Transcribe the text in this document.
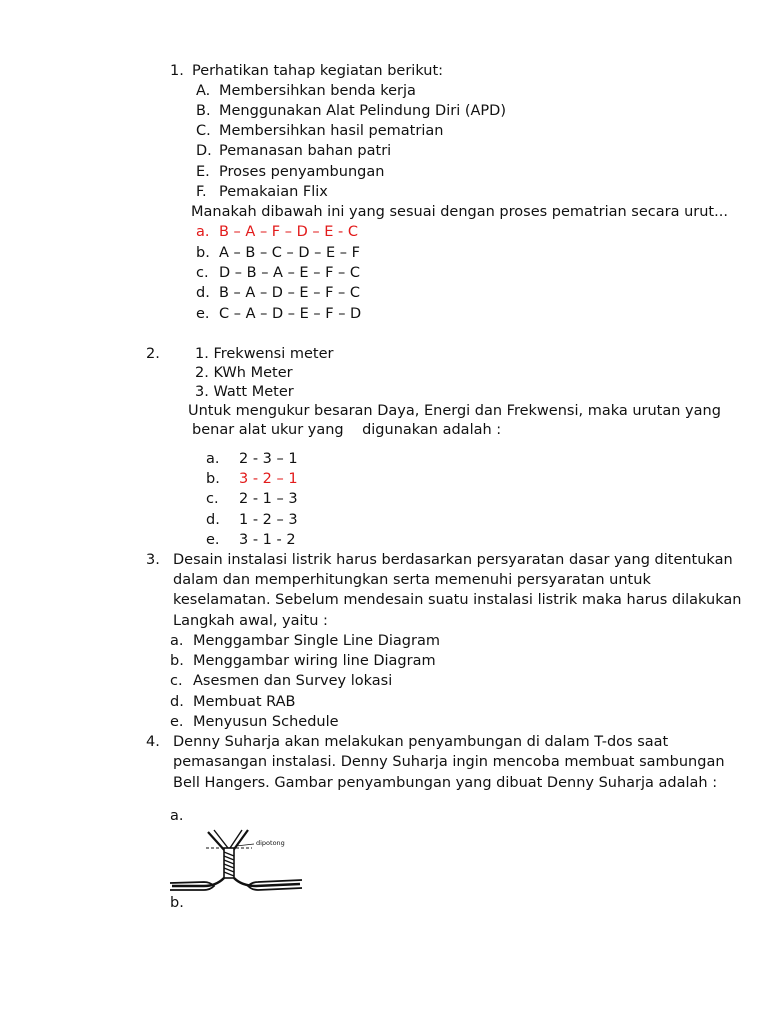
1. Perhatikan tahap kegiatan berikut:
A. Membersihkan benda kerja
B. Menggunakan Alat Pelindung Diri (APD)
C. Membersihkan hasil pematrian
D. Pemanasan bahan patri
E. Proses penyambungan
F. Pemakaian Flix
Manakah dibawah ini yang sesuai dengan proses pematrian secara urut...
a. B – A – F – D – E - C
b. A – B – C – D – E – F
c. D – B – A – E – F – C
d. B – A – D – E – F – C
e. C – A – D – E – F – D
2. 1. Frekwensi meter
2. KWh Meter
3. Watt Meter
Untuk mengukur besaran Daya, Energi dan Frekwensi, maka urutan yang
benar alat ukur yang    digunakan adalah :
a. 2 - 3 – 1
b. 3 - 2 – 1
c. 2 - 1 – 3
d. 1 - 2 – 3
e. 3 - 1 - 2
3. Desain instalasi listrik harus berdasarkan persyaratan dasar yang ditentukan
dalam dan memperhitungkan serta memenuhi persyaratan untuk
keselamatan. Sebelum mendesain suatu instalasi listrik maka harus dilakukan
Langkah awal, yaitu :
a. Menggambar Single Line Diagram
b. Menggambar wiring line Diagram
c. Asesmen dan Survey lokasi
d. Membuat RAB
e. Menyusun Schedule
4. Denny Suharja akan melakukan penyambungan di dalam T-dos saat
pemasangan instalasi. Denny Suharja ingin mencoba membuat sambungan
Bell Hangers. Gambar penyambungan yang dibuat Denny Suharja adalah :
a.
dipotong
b.
